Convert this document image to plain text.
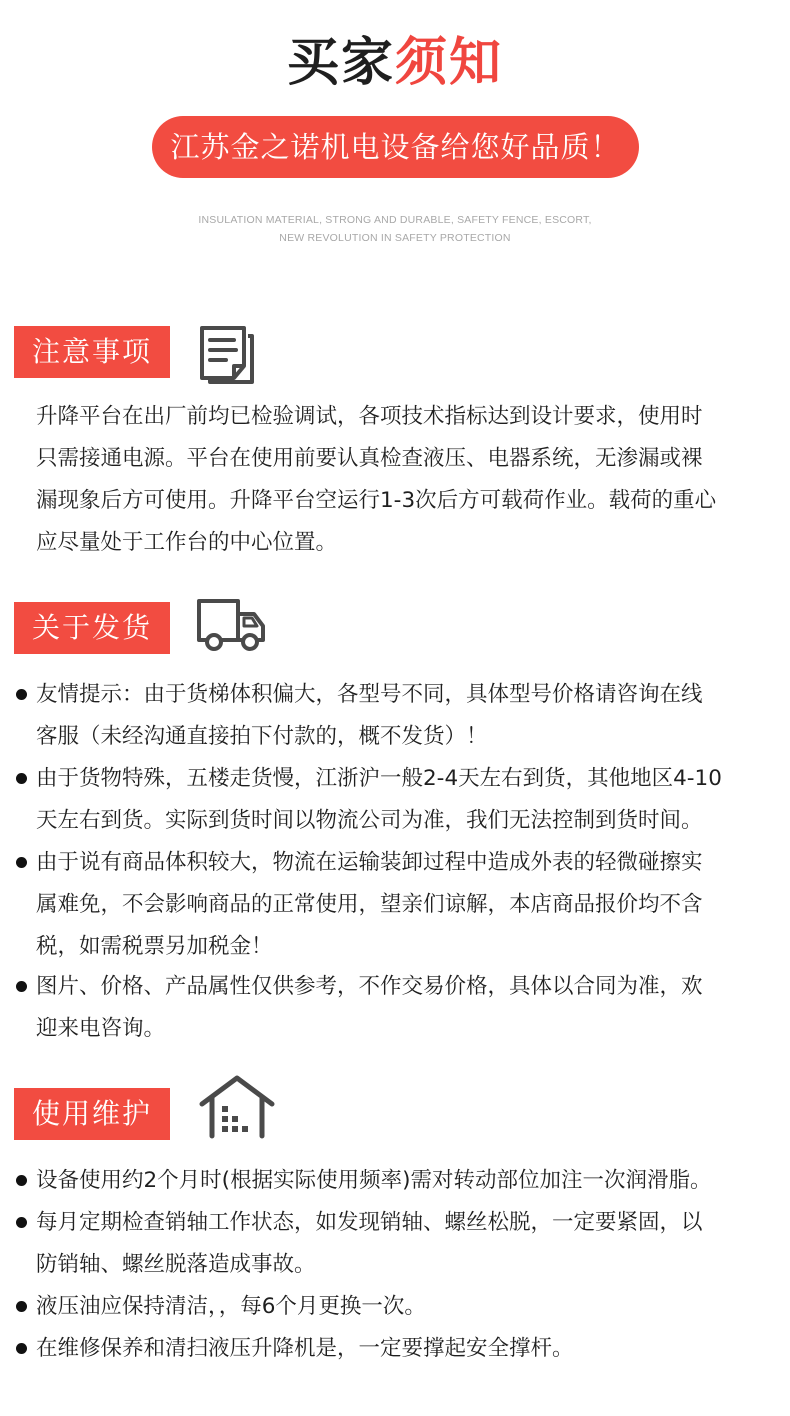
买家须知
江苏金之诺机电设备给您好品质！
INSULATION MATERIAL, STRONG AND DURABLE, SAFETY FENCE, ESCORT,
NEW REVOLUTION IN SAFETY PROTECTION
注意事项
升降平台在出厂前均已检验调试，各项技术指标达到设计要求，使用时
只需接通电源。平台在使用前要认真检查液压、电器系统，无渗漏或裸
漏现象后方可使用。升降平台空运行1-3次后方可载荷作业。载荷的重心
应尽量处于工作台的中心位置。
关于发货
友情提示：由于货梯体积偏大，各型号不同，具体型号价格请咨询在线
客服（未经沟通直接拍下付款的，概不发货）！
由于货物特殊，五楼走货慢，江浙沪一般2-4天左右到货，其他地区4-10
天左右到货。实际到货时间以物流公司为准，我们无法控制到货时间。
由于说有商品体积较大，物流在运输装卸过程中造成外表的轻微碰擦实
属难免，不会影响商品的正常使用，望亲们谅解，本店商品报价均不含
税，如需税票另加税金！
图片、价格、产品属性仅供参考，不作交易价格，具体以合同为准，欢
迎来电咨询。
使用维护
设备使用约2个月时(根据实际使用频率)需对转动部位加注一次润滑脂。
每月定期检查销轴工作状态，如发现销轴、螺丝松脱，一定要紧固，以
防销轴、螺丝脱落造成事故。
液压油应保持清洁，，每6个月更换一次。
在维修保养和清扫液压升降机是，一定要撑起安全撑杆。
